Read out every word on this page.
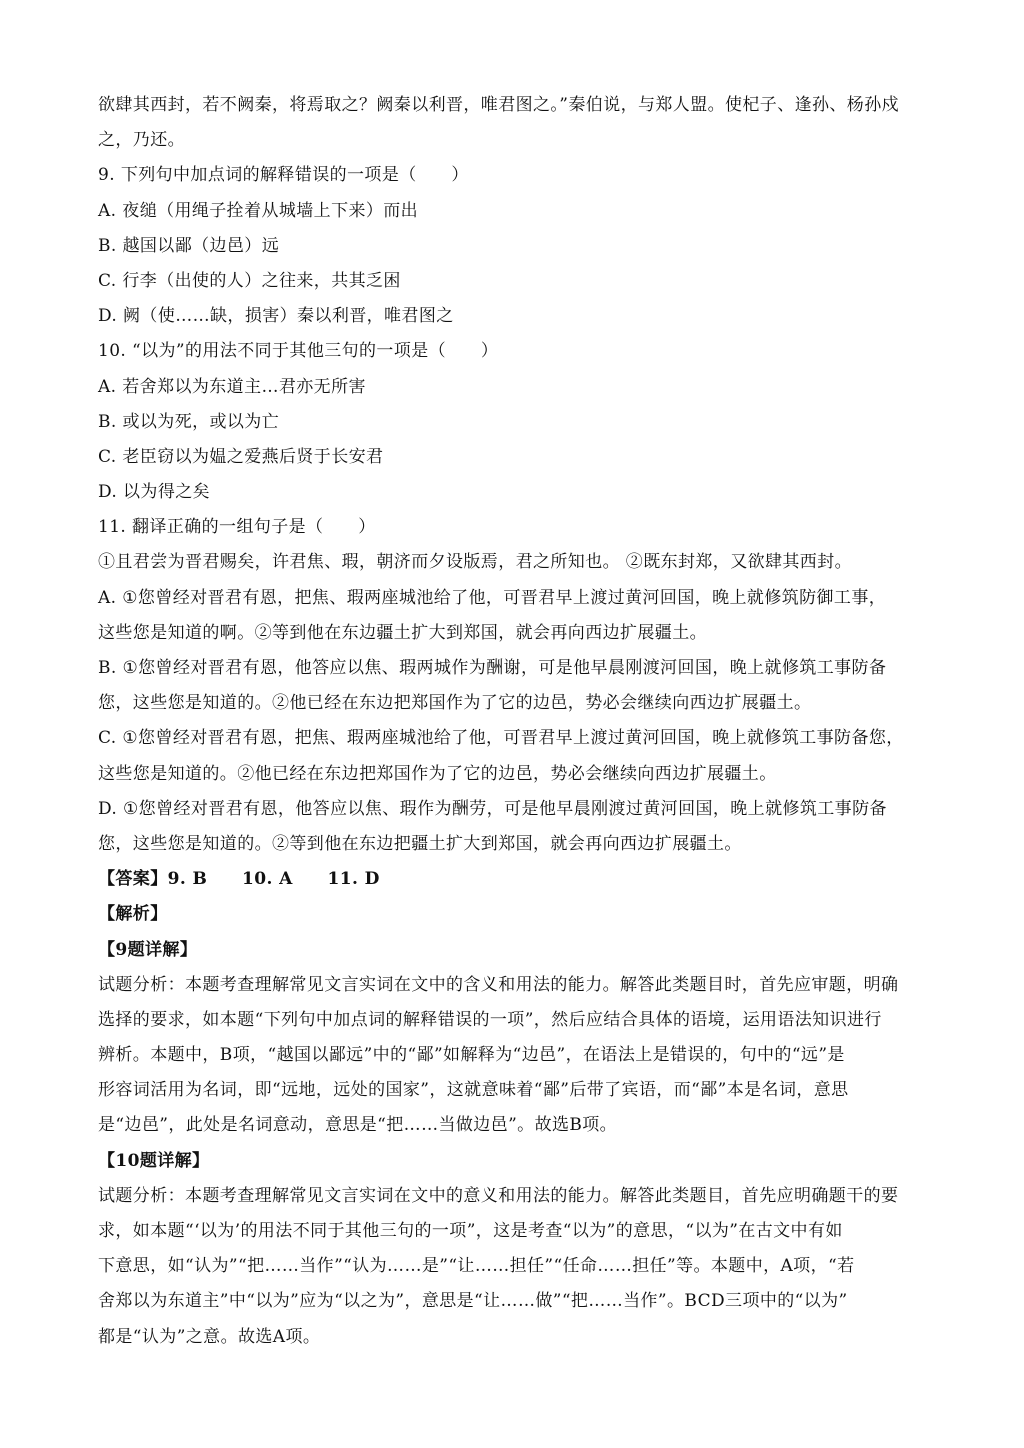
欲肆其西封，若不阙秦，将焉取之？阙秦以利晋，唯君图之。”秦伯说，与郑人盟。使杞子、逢孙、杨孙戍
之，乃还。
9. 下列句中加点词的解释错误的一项是（　　）
A. 夜缒（用绳子拴着从城墙上下来）而出
B. 越国以鄙（边邑）远
C. 行李（出使的人）之往来，共其乏困
D. 阙（使……缺，损害）秦以利晋，唯君图之
10. “以为”的用法不同于其他三句的一项是（　　）
A. 若舍郑以为东道主…君亦无所害
B. 或以为死，或以为亡
C. 老臣窃以为媪之爱燕后贤于长安君
D. 以为得之矣
11. 翻译正确的一组句子是（　　）
①且君尝为晋君赐矣，许君焦、瑕，朝济而夕设版焉，君之所知也。 ②既东封郑，又欲肆其西封。
A. ①您曾经对晋君有恩，把焦、瑕两座城池给了他，可晋君早上渡过黄河回国，晚上就修筑防御工事，
这些您是知道的啊。②等到他在东边疆土扩大到郑国，就会再向西边扩展疆土。
B. ①您曾经对晋君有恩，他答应以焦、瑕两城作为酬谢，可是他早晨刚渡河回国，晚上就修筑工事防备
您，这些您是知道的。②他已经在东边把郑国作为了它的边邑，势必会继续向西边扩展疆土。
C. ①您曾经对晋君有恩，把焦、瑕两座城池给了他，可晋君早上渡过黄河回国，晚上就修筑工事防备您，
这些您是知道的。②他已经在东边把郑国作为了它的边邑，势必会继续向西边扩展疆土。
D. ①您曾经对晋君有恩，他答应以焦、瑕作为酬劳，可是他早晨刚渡过黄河回国，晚上就修筑工事防备
您，这些您是知道的。②等到他在东边把疆土扩大到郑国，就会再向西边扩展疆土。
【答案】9. B　　10. A　　11. D
【解析】
【9题详解】
试题分析：本题考查理解常见文言实词在文中的含义和用法的能力。解答此类题目时，首先应审题，明确
选择的要求，如本题“下列句中加点词的解释错误的一项”，然后应结合具体的语境，运用语法知识进行
辨析。本题中，B项，“越国以鄙远”中的“鄙”如解释为“边邑”，在语法上是错误的，句中的“远”是
形容词活用为名词，即“远地，远处的国家”，这就意味着“鄙”后带了宾语，而“鄙”本是名词，意思
是“边邑”，此处是名词意动，意思是“把……当做边邑”。故选B项。
【10题详解】
试题分析：本题考查理解常见文言实词在文中的意义和用法的能力。解答此类题目，首先应明确题干的要
求，如本题“‘以为’的用法不同于其他三句的一项”，这是考查“以为”的意思，“以为”在古文中有如
下意思，如“认为”“把……当作”“认为……是”“让……担任”“任命……担任”等。本题中，A项，“若
舍郑以为东道主”中“以为”应为“以之为”，意思是“让……做”“把……当作”。BCD三项中的“以为”
都是“认为”之意。故选A项。
